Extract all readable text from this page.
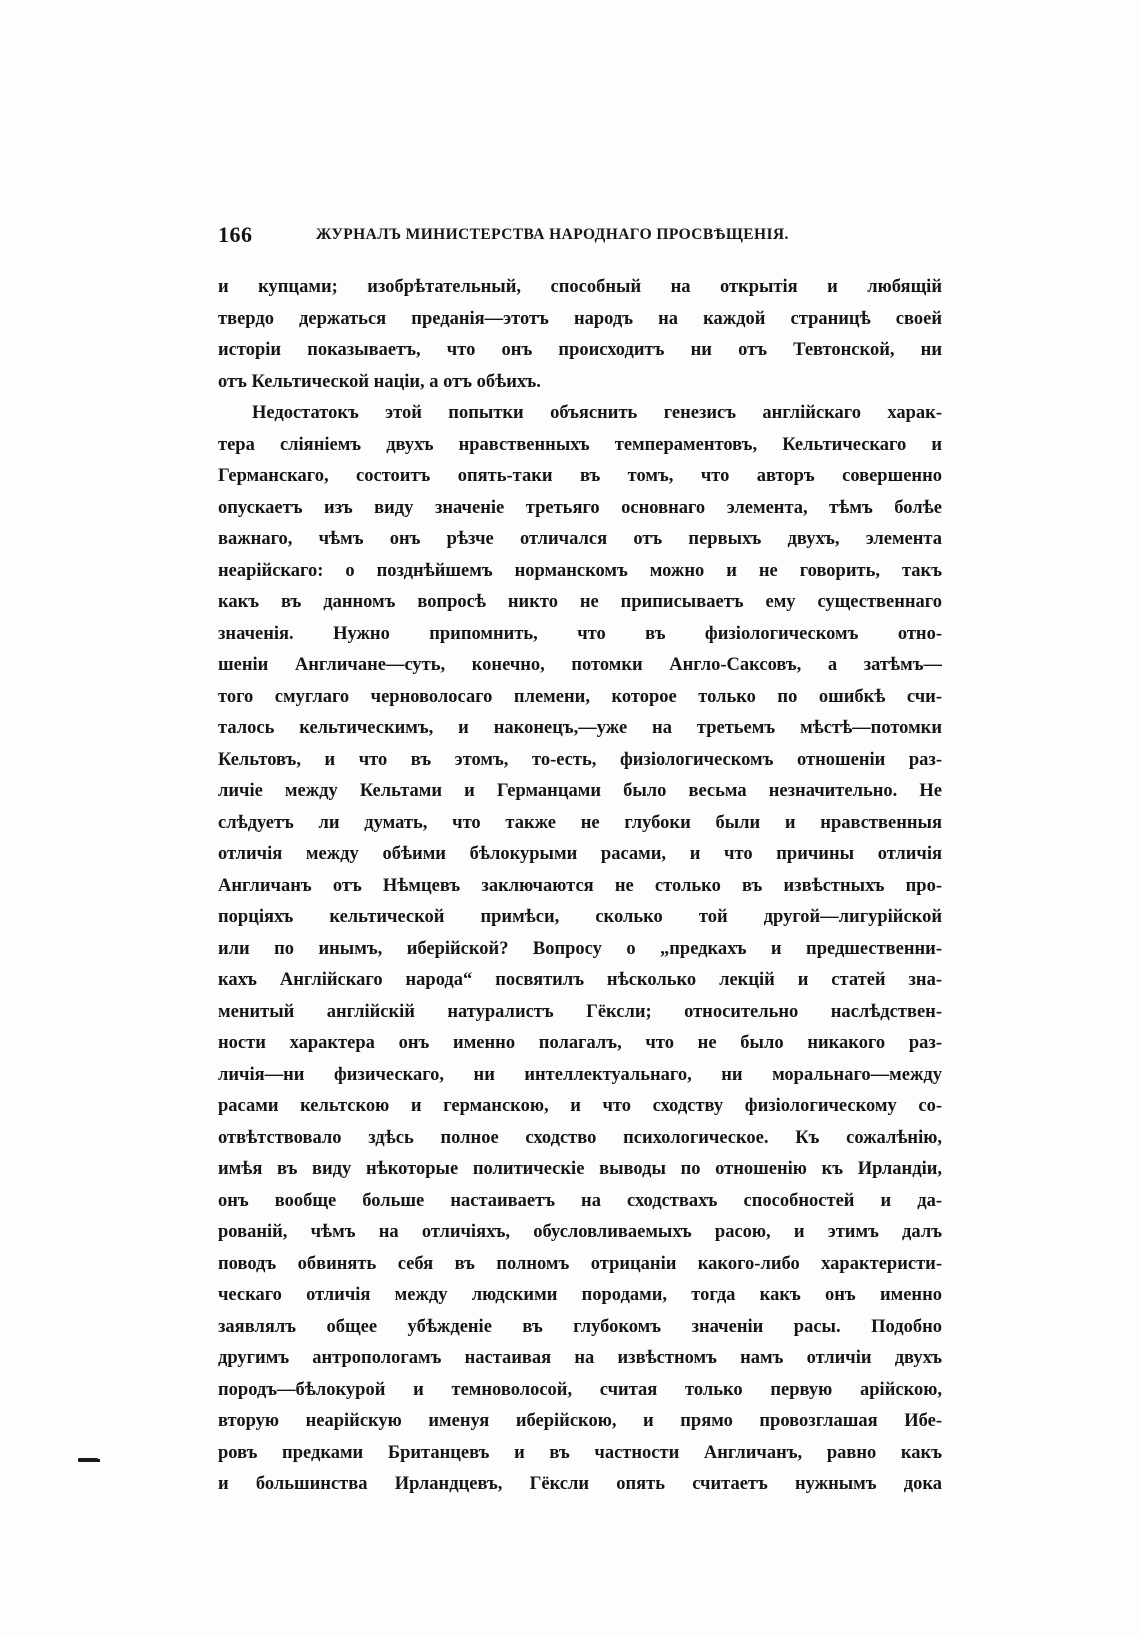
166	ЖУРНАЛЪ МИНИСТЕРСТВА НАРОДНАГО ПРОСВѢЩЕНІЯ.
и купцами; изобрѣтательный, способный на открытія и любящій
твердо держаться преданія—этотъ народъ на каждой страницѣ своей
исторіи показываетъ, что онъ происходитъ ни отъ Тевтонской, ни
отъ Кельтической націи, а отъ обѣихъ.
Недостатокъ этой попытки объяснить генезисъ англійскаго харак-
тера сліяніемъ двухъ нравственныхъ темпераментовъ, Кельтическаго и
Германскаго, состоитъ опять-таки въ томъ, что авторъ совершенно
опускаетъ изъ виду значеніе третьяго основнаго элемента, тѣмъ болѣе
важнаго, чѣмъ онъ рѣзче отличался отъ первыхъ двухъ, элемента
неарійскаго: о позднѣйшемъ норманскомъ можно и не говорить, такъ
какъ въ данномъ вопросѣ никто не приписываетъ ему существеннаго
значенія. Нужно припомнить, что въ физіологическомъ отно-
шеніи Англичане—суть, конечно, потомки Англо-Саксовъ, а затѣмъ—
того смуглаго черноволосаго племени, которое только по ошибкѣ счи-
талось кельтическимъ, и наконецъ,—уже на третьемъ мѣстѣ—потомки
Кельтовъ, и что въ этомъ, то-есть, физіологическомъ отношеніи раз-
личіе между Кельтами и Германцами было весьма незначительно. Не
слѣдуетъ ли думать, что также не глубоки были и нравственныя
отличія между обѣими бѣлокурыми расами, и что причины отличія
Англичанъ отъ Нѣмцевъ заключаются не столько въ извѣстныхъ про-
порціяхъ кельтической примѣси, сколько той другой—лигурійской
или по инымъ, иберійской? Вопросу о „предкахъ и предшественни-
кахъ Англійскаго народа“ посвятилъ нѣсколько лекцій и статей зна-
менитый англійскій натуралистъ Гёксли; относительно наслѣдствен-
ности характера онъ именно полагалъ, что не было никакого раз-
личія—ни физическаго, ни интеллектуальнаго, ни моральнаго—между
расами кельтскою и германскою, и что сходству физіологическому со-
отвѣтствовало здѣсь полное сходство психологическое. Къ сожалѣнію,
имѣя въ виду нѣкоторые политическіе выводы по отношенію къ Ирландіи,
онъ вообще больше настаиваетъ на сходствахъ способностей и да-
рованій, чѣмъ на отличіяхъ, обусловливаемыхъ расою, и этимъ далъ
поводъ обвинять себя въ полномъ отрицаніи какого-либо характеристи-
ческаго отличія между людскими породами, тогда какъ онъ именно
заявлялъ общее убѣжденіе въ глубокомъ значеніи расы. Подобно
другимъ антропологамъ настаивая на извѣстномъ намъ отличіи двухъ
породъ—бѣлокурой и темноволосой, считая только первую арійскою,
вторую неарійскую именуя иберійскою, и прямо провозглашая Ибе-
ровъ предками Британцевъ и въ частности Англичанъ, равно какъ
и большинства Ирландцевъ, Гёксли опять считаетъ нужнымъ дока
